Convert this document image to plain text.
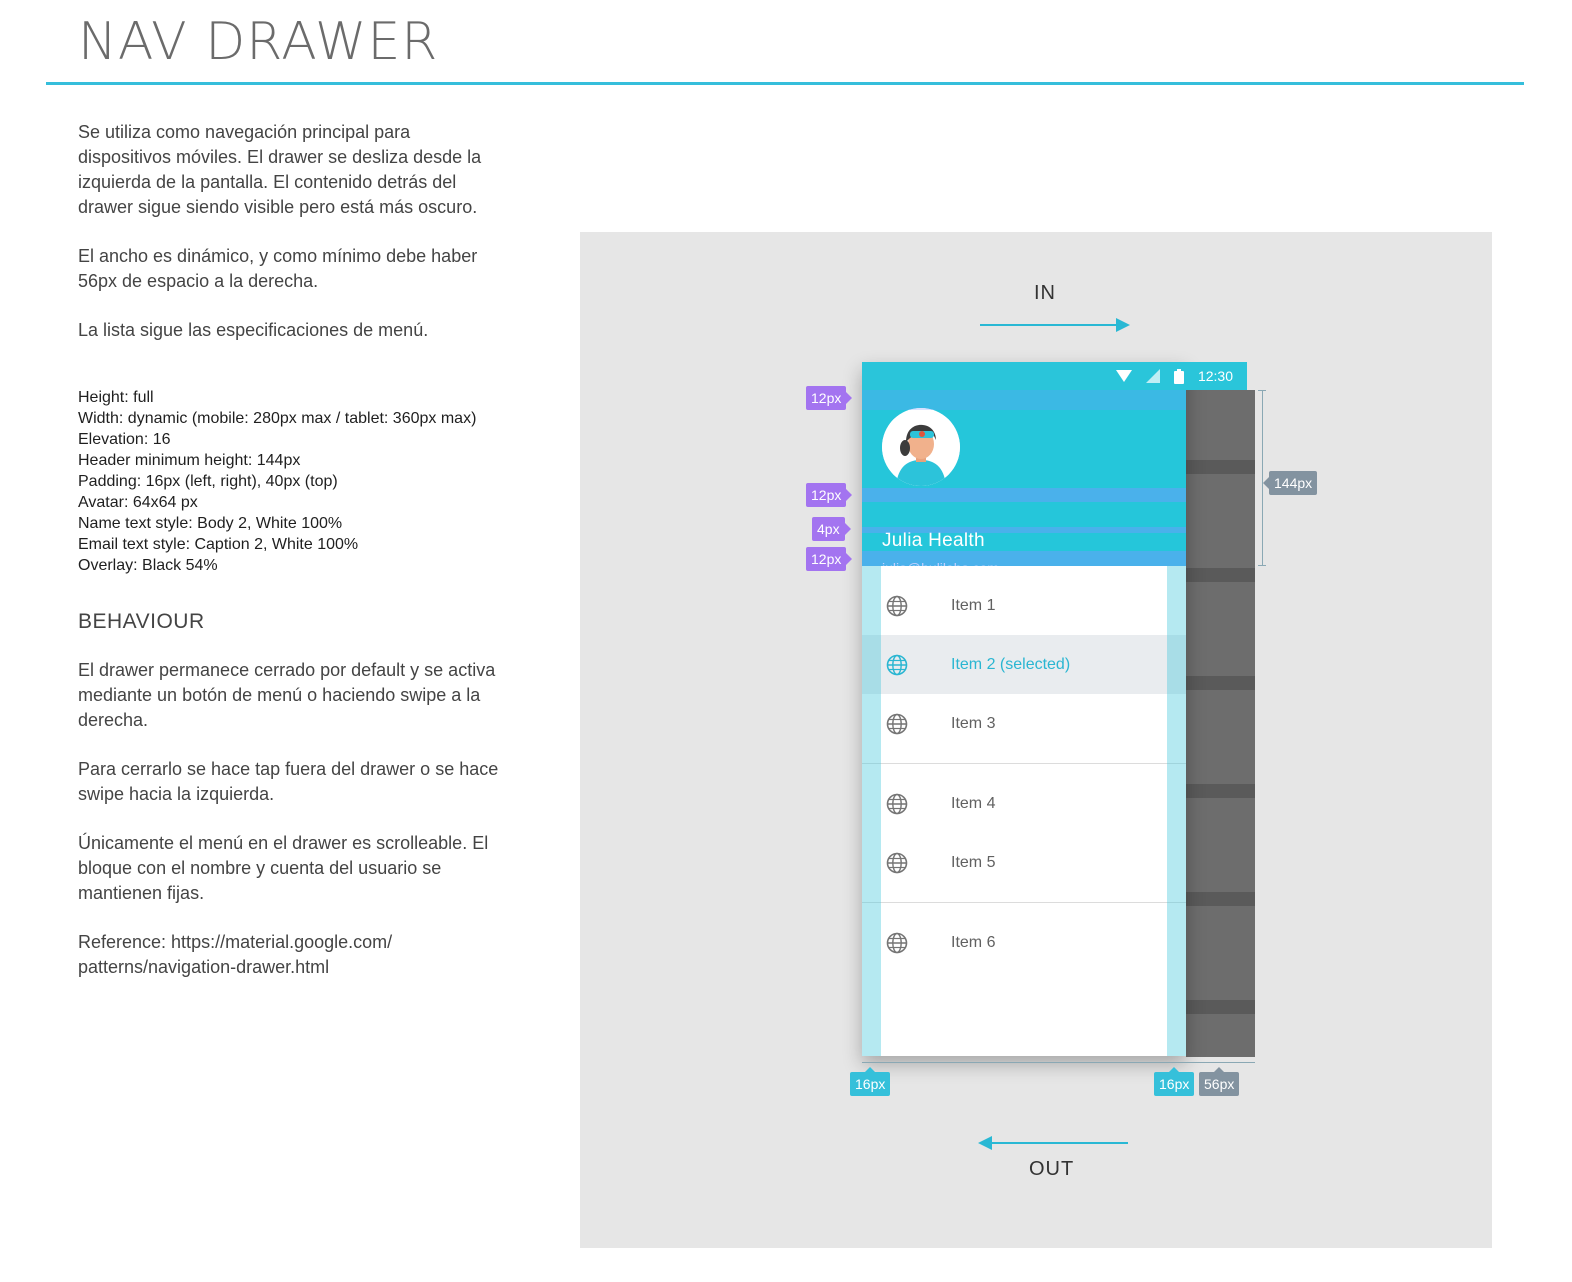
NAV DRAWER

Se utiliza como navegación principal para dispositivos móviles. El drawer se desliza desde la izquierda de la pantalla. El contenido detrás del drawer sigue siendo visible pero está más oscuro.

El ancho es dinámico, y como mínimo debe haber 56px de espacio a la derecha.

La lista sigue las especificaciones de menú.

Height: full
Width: dynamic (mobile: 280px max / tablet: 360px max)
Elevation: 16
Header minimum height: 144px
Padding: 16px (left, right), 40px (top)
Avatar: 64x64 px
Name text style: Body 2, White 100%
Email text style: Caption 2, White 100%
Overlay: Black 54%
BEHAVIOUR

El drawer permanece cerrado por default y se activa mediante un botón de menú o haciendo swipe a la derecha.

Para cerrarlo se hace tap fuera del drawer o se hace swipe hacia la izquierda.

Únicamente el menú en el drawer es scrolleable. El bloque con el nombre y cuenta del usuario se mantienen fijas.

Reference: https://material.google.com/ patterns/navigation-drawer.html

IN
OUT
12:30
Julia Health
julia@hulilabs.com
Item 1
Item 2 (selected)
Item 3
Item 4
Item 5
Item 6
12px
12px
4px
12px
144px
16px	16px	56px
